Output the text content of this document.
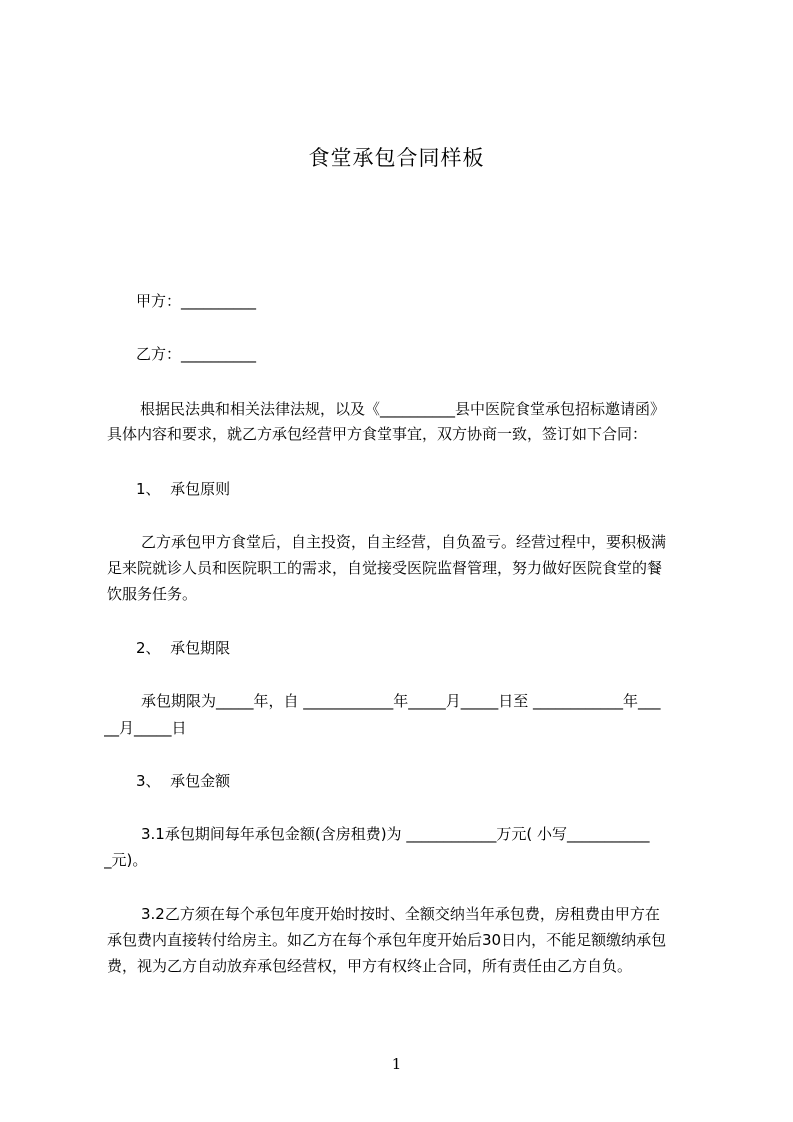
食堂承包合同样板
甲方：__________
乙方：__________
根据民法典和相关法律法规，以及《__________县中医院食堂承包招标邀请函》
具体内容和要求，就乙方承包经营甲方食堂事宜，双方协商一致，签订如下合同：
1、  承包原则
乙方承包甲方食堂后，自主投资，自主经营，自负盈亏。经营过程中，要积极满
足来院就诊人员和医院职工的需求，自觉接受医院监督管理，努力做好医院食堂的餐
饮服务任务。
2、  承包期限
承包期限为_____年，自 ____________年_____月_____日至 ____________年___
__月_____日
3、  承包金额
3.1承包期间每年承包金额(含房租费)为 ____________万元( 小写___________
_元)。
3.2乙方须在每个承包年度开始时按时、全额交纳当年承包费，房租费由甲方在
承包费内直接转付给房主。如乙方在每个承包年度开始后30日内，不能足额缴纳承包
费，视为乙方自动放弃承包经营权，甲方有权终止合同，所有责任由乙方自负。
1
